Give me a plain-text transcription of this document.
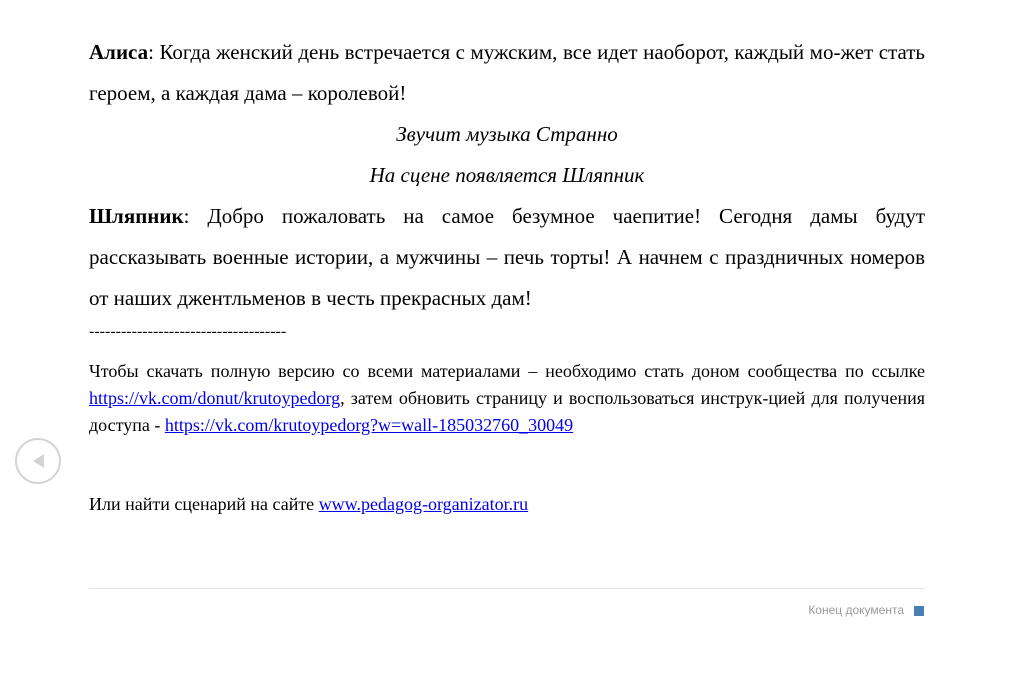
Алиса: Когда женский день встречается с мужским, все идет наоборот, каждый мо-жет стать героем, а каждая дама – королевой!

Звучит музыка Странно

На сцене появляется Шляпник

Шляпник: Добро пожаловать на самое безумное чаепитие! Сегодня дамы будут рассказывать военные истории, а мужчины – печь торты! А начнем с праздничных номеров от наших джентльменов в честь прекрасных дам!

-------------------------------------

Чтобы скачать полную версию со всеми материалами – необходимо стать доном сообщества по ссылке https://vk.com/donut/krutoypedorg, затем обновить страницу и воспользоваться инструк-цией для получения доступа - https://vk.com/krutoypedorg?w=wall-185032760_30049

Или найти сценарий на сайте www.pedagog-organizator.ru

Конец документа
